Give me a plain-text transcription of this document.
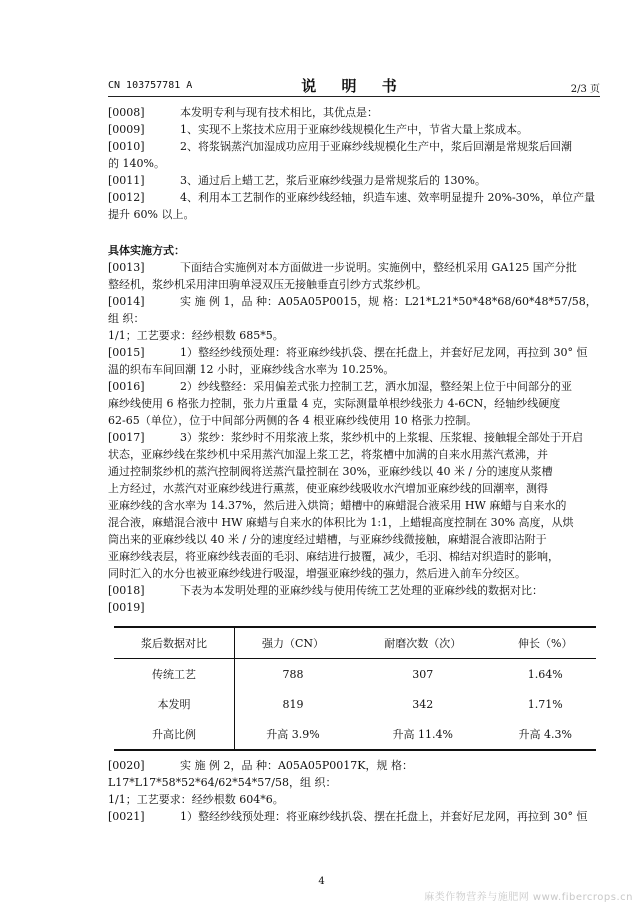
CN 103757781 A	说 明 书	2/3 页

[0008]　　本发明专利与现有技术相比，其优点是：

[0009]　　1、实现不上浆技术应用于亚麻纱线规模化生产中，节省大量上浆成本。

[0010]　　2、将浆锅蒸汽加湿成功应用于亚麻纱线规模化生产中，浆后回潮是常规浆后回潮
的 140%。

[0011]　　3、通过后上蜡工艺，浆后亚麻纱线强力是常规浆后的 130%。

[0012]　　4、利用本工艺制作的亚麻纱线经轴，织造车速、效率明显提升 20%-30%，单位产量
提升 60% 以上。

具体实施方式：

[0013]　　下面结合实施例对本方面做进一步说明。实施例中，整经机采用 GA125 国产分批
整经机，浆纱机采用津田驹单浸双压无接触垂直引纱方式浆纱机。

[0014]　　实 施 例 1，品 种：A05A05P0015，规 格：L21*L21*50*48*68/60*48*57/58，组 织：
1/1；工艺要求：经纱根数 685*5。

[0015]　　1）整经纱线预处理：将亚麻纱线扒袋、摆在托盘上，并套好尼龙网，再拉到 30° 恒
温的织布车间回潮 12 小时，亚麻纱线含水率为 10.25%。

[0016]　　2）纱线整经：采用偏差式张力控制工艺，洒水加湿，整经架上位于中间部分的亚
麻纱线使用 6 格张力控制，张力片重量 4 克，实际测量单根纱线张力 4-6CN，经轴纱线硬度
62-65（单位），位于中间部分两侧的各 4 根亚麻纱线使用 10 格张力控制。

[0017]　　3）浆纱：浆纱时不用浆液上浆，浆纱机中的上浆辊、压浆辊、接触辊全部处于开启
状态，亚麻纱线在浆纱机中采用蒸汽加湿上浆工艺，将浆槽中加满的自来水用蒸汽煮沸，并
通过控制浆纱机的蒸汽控制阀将送蒸汽量控制在 30%，亚麻纱线以 40 米 / 分的速度从浆槽
上方经过，水蒸汽对亚麻纱线进行熏蒸，使亚麻纱线吸收水汽增加亚麻纱线的回潮率，测得
亚麻纱线的含水率为 14.37%，然后进入烘筒；蜡槽中的麻蜡混合液采用 HW 麻蜡与自来水的
混合液，麻蜡混合液中 HW 麻蜡与自来水的体积比为 1:1，上蜡辊高度控制在 30% 高度，从烘
筒出来的亚麻纱线以 40 米 / 分的速度经过蜡槽，与亚麻纱线微接触，麻蜡混合液即沾附于
亚麻纱线表层，将亚麻纱线表面的毛羽、麻结进行披覆，减少，毛羽、棉结对织造时的影响，
同时汇入的水分也被亚麻纱线进行吸湿，增强亚麻纱线的强力，然后进入前车分绞区。

[0018]　　下表为本发明处理的亚麻纱线与使用传统工艺处理的亚麻纱线的数据对比：

[0019]

浆后数据对比	强力（CN）	耐磨次数（次）	伸长（%）
传统工艺	788	307	1.64%
本发明	819	342	1.71%
升高比例	升高 3.9%	升高 11.4%	升高 4.3%

[0020]　　实 施 例 2，品 种：A05A05P0017K，规 格：L17*L17*58*52*64/62*54*57/58，组 织：
1/1；工艺要求：经纱根数 604*6。

[0021]　　1）整经纱线预处理：将亚麻纱线扒袋、摆在托盘上，并套好尼龙网，再拉到 30° 恒

4
麻类作物营养与施肥网 www.fibercrops.cn
